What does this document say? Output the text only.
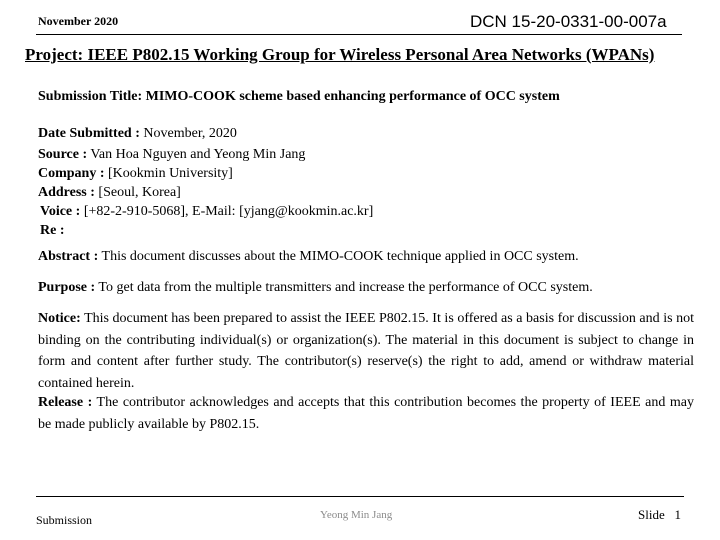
November 2020	DCN 15-20-0331-00-007a
Project: IEEE P802.15 Working Group for Wireless Personal Area Networks (WPANs)
Submission Title: MIMO-COOK scheme based enhancing performance of OCC system
Date Submitted : November, 2020
Source : Van Hoa Nguyen and Yeong Min Jang
Company : [Kookmin University]
Address : [Seoul, Korea]
Voice : [+82-2-910-5068], E-Mail: [yjang@kookmin.ac.kr]
Re :
Abstract : This document discusses about the MIMO-COOK technique applied in OCC system.
Purpose : To get data from the multiple transmitters and increase the performance of OCC system.
Notice: This document has been prepared to assist the IEEE P802.15. It is offered as a basis for discussion and is not binding on the contributing individual(s) or organization(s). The material in this document is subject to change in form and content after further study. The contributor(s) reserve(s) the right to add, amend or withdraw material contained herein.
Release : The contributor acknowledges and accepts that this contribution becomes the property of IEEE and may be made publicly available by P802.15.
Submission	Yeong Min Jang	Slide 1
